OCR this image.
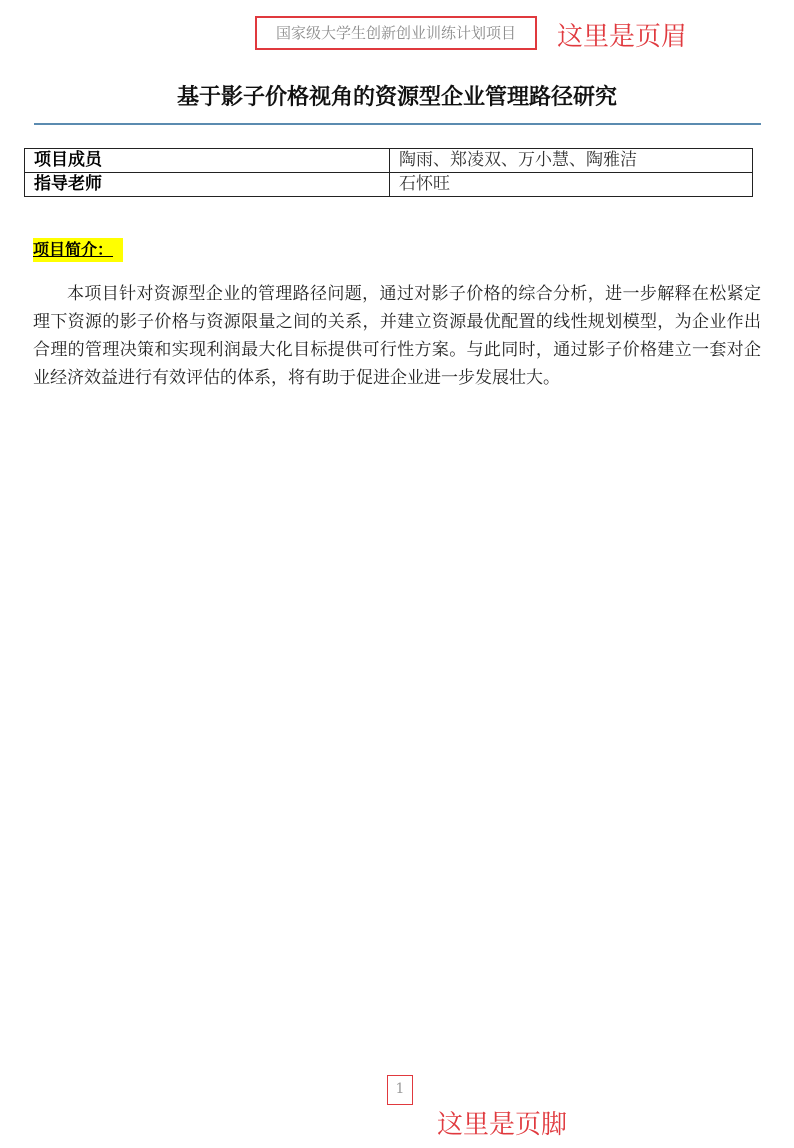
国家级大学生创新创业训练计划项目	这里是页眉
基于影子价格视角的资源型企业管理路径研究
项目成员	陶雨、郑凌双、万小慧、陶雅洁
指导老师	石怀旺
项目简介：
本项目针对资源型企业的管理路径问题，通过对影子价格的综合分析，进一步解释在松紧定理下资源的影子价格与资源限量之间的关系，并建立资源最优配置的线性规划模型，为企业作出合理的管理决策和实现利润最大化目标提供可行性方案。与此同时，通过影子价格建立一套对企业经济效益进行有效评估的体系，将有助于促进企业进一步发展壮大。
1
这里是页脚
